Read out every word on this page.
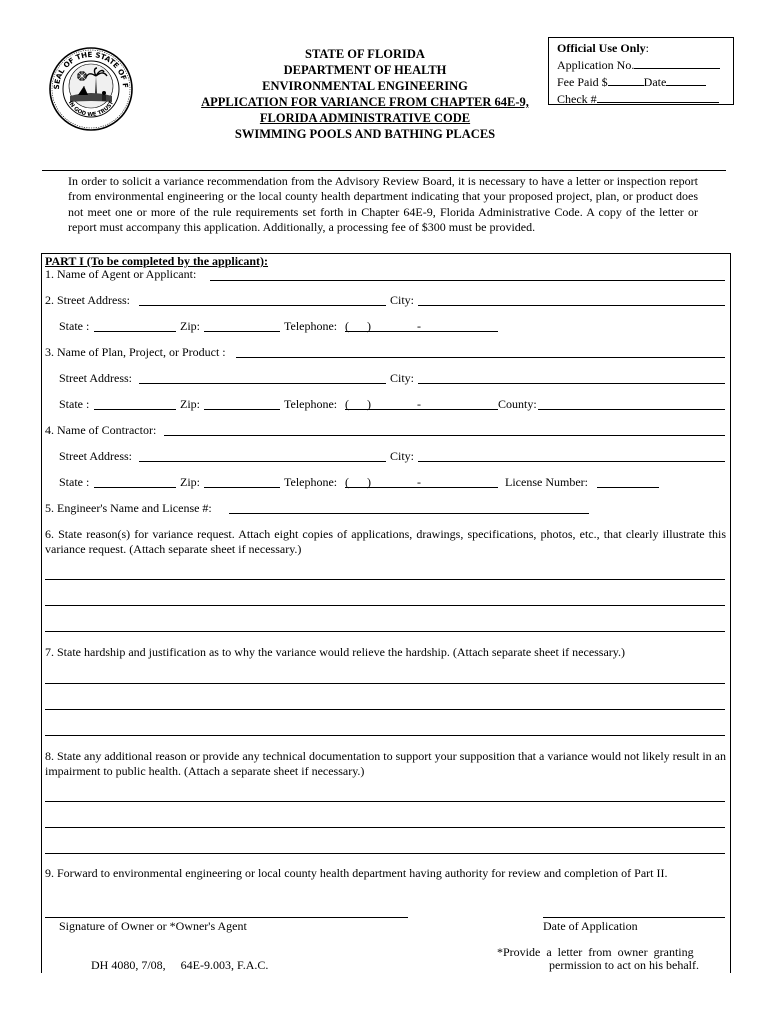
SEAL OF THE STATE OF F
IN GOD WE TRUST
STATE OF FLORIDA
DEPARTMENT OF HEALTH
ENVIRONMENTAL ENGINEERING
APPLICATION FOR VARIANCE FROM CHAPTER 64E-9,
FLORIDA ADMINISTRATIVE CODE
SWIMMING POOLS AND BATHING PLACES
Official Use Only:
Application No.
Fee Paid $	Date
Check #
In order to solicit a variance recommendation from the Advisory Review Board, it is necessary to have a letter or inspection report from environmental engineering or the local county health department indicating that your proposed project, plan, or product does not meet one or more of the rule requirements set forth in Chapter 64E-9, Florida Administrative Code. A copy of the letter or report must accompany this application. Additionally, a processing fee of $300 must be provided.
PART I (To be completed by the applicant):
1. Name of Agent or Applicant:
2. Street Address:	City:
State :	Zip:	Telephone: ( )	-
3. Name of Plan, Project, or Product :
Street Address:	City:
State :	Zip:	Telephone: ( )	-	County:
4. Name of Contractor:
Street Address:	City:
State :	Zip:	Telephone: ( )	-	License Number:
5. Engineer's Name and License #:
6. State reason(s) for variance request. Attach eight copies of applications, drawings, specifications, photos, etc., that clearly illustrate this variance request. (Attach separate sheet if necessary.)
7. State hardship and justification as to why the variance would relieve the hardship. (Attach separate sheet if necessary.)
8. State any additional reason or provide any technical documentation to support your supposition that a variance would not likely result in an impairment to public health. (Attach a separate sheet if necessary.)
9. Forward to environmental engineering or local county health department having authority for review and completion of Part II.
Signature of Owner or *Owner's Agent	Date of Application
DH 4080, 7/08,     64E-9.003, F.A.C.
*Provide  a  letter  from  owner  granting
permission to act on his behalf.
